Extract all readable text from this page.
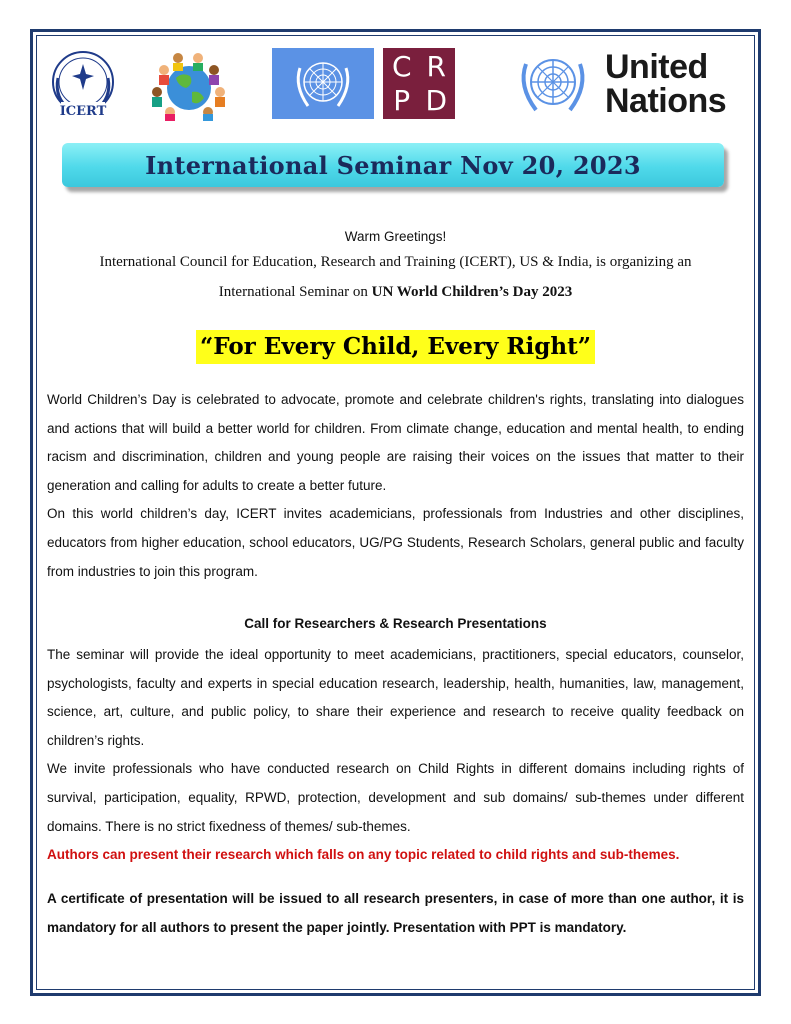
ICERT
C R
P D
United
Nations
International Seminar Nov 20, 2023
Warm Greetings!
International Council for Education, Research and Training (ICERT), US & India, is organizing an
International Seminar on UN World Children’s Day 2023
“For Every Child, Every Right”

World Children’s Day is celebrated to advocate, promote and celebrate children's rights, translating into dialogues and actions that will build a better world for children. From climate change, education and mental health, to ending racism and discrimination, children and young people are raising their voices on the issues that matter to their generation and calling for adults to create a better future.

On this world children’s day, ICERT invites academicians, professionals from Industries and other disciplines, educators from higher education, school educators, UG/PG Students, Research Scholars, general public and faculty from industries to join this program.

Call for Researchers & Research Presentations

The seminar will provide the ideal opportunity to meet academicians, practitioners, special educators, counselor, psychologists, faculty and experts in special education research, leadership, health, humanities, law, management, science, art, culture, and public policy, to share their experience and research to receive quality feedback on children’s rights.

We invite professionals who have conducted research on Child Rights in different domains including rights of survival, participation, equality, RPWD, protection, development and sub domains/ sub-themes under different domains. There is no strict fixedness of themes/ sub-themes.

Authors can present their research which falls on any topic related to child rights and sub-themes.

A certificate of presentation will be issued to all research presenters, in case of more than one author, it is mandatory for all authors to present the paper jointly. Presentation with PPT is mandatory.
